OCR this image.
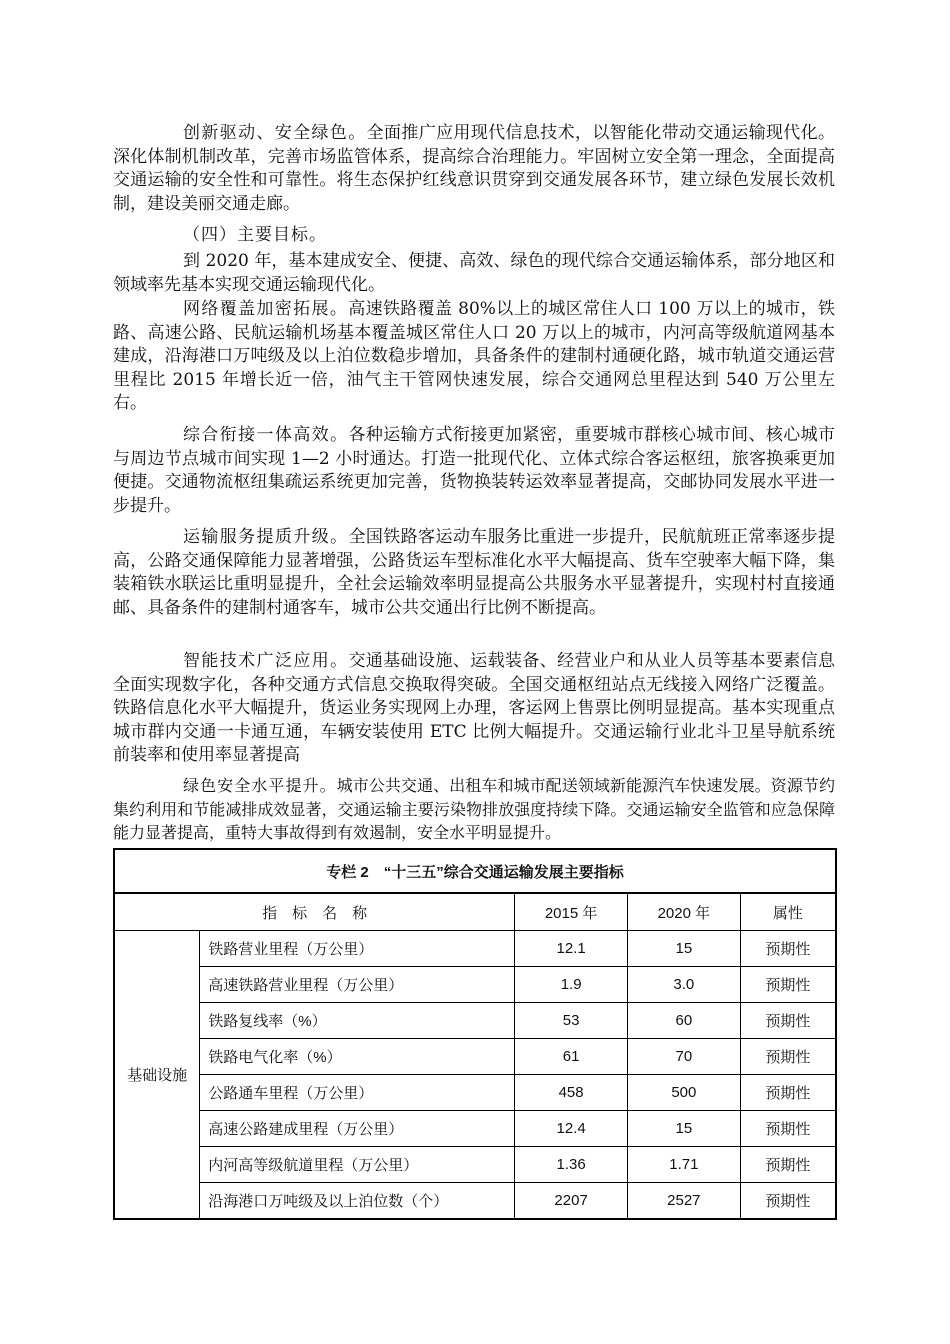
创新驱动、安全绿色。全面推广应用现代信息技术，以智能化带动交通运输现代化。深化体制机制改革，完善市场监管体系，提高综合治理能力。牢固树立安全第一理念，全面提高交通运输的安全性和可靠性。将生态保护红线意识贯穿到交通发展各环节，建立绿色发展长效机制，建设美丽交通走廊。

（四）主要目标。

到 2020 年，基本建成安全、便捷、高效、绿色的现代综合交通运输体系，部分地区和领域率先基本实现交通运输现代化。

网络覆盖加密拓展。高速铁路覆盖 80%以上的城区常住人口 100 万以上的城市，铁路、高速公路、民航运输机场基本覆盖城区常住人口 20 万以上的城市，内河高等级航道网基本建成，沿海港口万吨级及以上泊位数稳步增加，具备条件的建制村通硬化路，城市轨道交通运营里程比 2015 年增长近一倍，油气主干管网快速发展，综合交通网总里程达到 540 万公里左右。

综合衔接一体高效。各种运输方式衔接更加紧密，重要城市群核心城市间、核心城市与周边节点城市间实现 1—2 小时通达。打造一批现代化、立体式综合客运枢纽，旅客换乘更加便捷。交通物流枢纽集疏运系统更加完善，货物换装转运效率显著提高，交邮协同发展水平进一步提升。

运输服务提质升级。全国铁路客运动车服务比重进一步提升，民航航班正常率逐步提高，公路交通保障能力显著增强，公路货运车型标准化水平大幅提高、货车空驶率大幅下降，集装箱铁水联运比重明显提升，全社会运输效率明显提高公共服务水平显著提升，实现村村直接通邮、具备条件的建制村通客车，城市公共交通出行比例不断提高。

智能技术广泛应用。交通基础设施、运载装备、经营业户和从业人员等基本要素信息全面实现数字化，各种交通方式信息交换取得突破。全国交通枢纽站点无线接入网络广泛覆盖。铁路信息化水平大幅提升，货运业务实现网上办理，客运网上售票比例明显提高。基本实现重点城市群内交通一卡通互通，车辆安装使用 ETC 比例大幅提升。交通运输行业北斗卫星导航系统前装率和使用率显著提高

绿色安全水平提升。城市公共交通、出租车和城市配送领域新能源汽车快速发展。资源节约集约利用和节能减排成效显著，交通运输主要污染物排放强度持续下降。交通运输安全监管和应急保障能力显著提高，重特大事故得到有效遏制，安全水平明显提升。

专栏 2　“十三五”综合交通运输发展主要指标				
指　标　名　称		2015 年	2020 年	属性
基础设施	铁路营业里程（万公里）	12.1	15	预期性
	高速铁路营业里程（万公里）	1.9	3.0	预期性
	铁路复线率（%）	53	60	预期性
	铁路电气化率（%）	61	70	预期性
	公路通车里程（万公里）	458	500	预期性
	高速公路建成里程（万公里）	12.4	15	预期性
	内河高等级航道里程（万公里）	1.36	1.71	预期性
	沿海港口万吨级及以上泊位数（个）	2207	2527	预期性
